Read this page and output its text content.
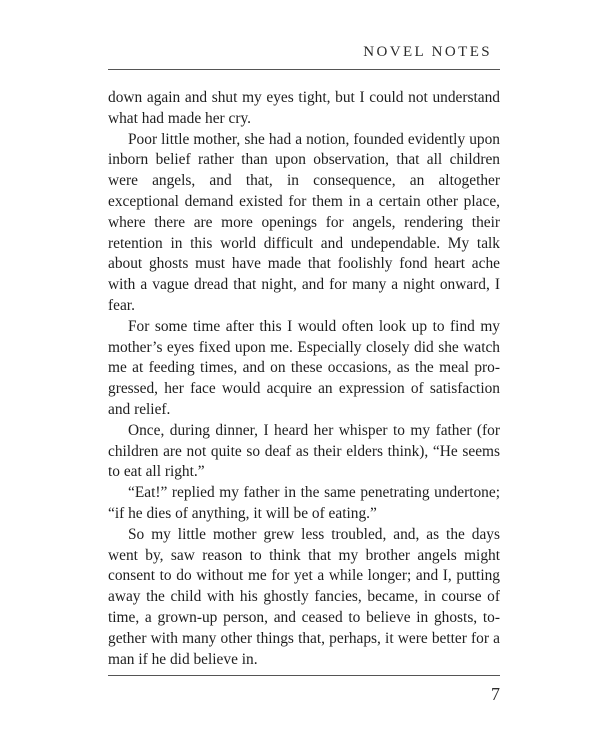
NOVEL NOTES

down again and shut my eyes tight, but I could not understand what had made her cry.

Poor little mother, she had a notion, founded evidently upon inborn belief rather than upon observation, that all children were angels, and that, in consequence, an altogether exceptional demand existed for them in a certain other place, where there are more openings for angels, rendering their retention in this world difficult and undependable. My talk about ghosts must have made that foolishly fond heart ache with a vague dread that night, and for many a night onward, I fear.

For some time after this I would often look up to find my mother’s eyes fixed upon me. Especially closely did she watch me at feeding times, and on these occasions, as the meal progressed, her face would acquire an expression of satisfaction and relief.

Once, during dinner, I heard her whisper to my father (for children are not quite so deaf as their elders think), “He seems to eat all right.”

“Eat!” replied my father in the same penetrating undertone; “if he dies of anything, it will be of eating.”

So my little mother grew less troubled, and, as the days went by, saw reason to think that my brother angels might consent to do without me for yet a while longer; and I, putting away the child with his ghostly fancies, became, in course of time, a grown-up person, and ceased to believe in ghosts, together with many other things that, perhaps, it were better for a man if he did believe in.

7
